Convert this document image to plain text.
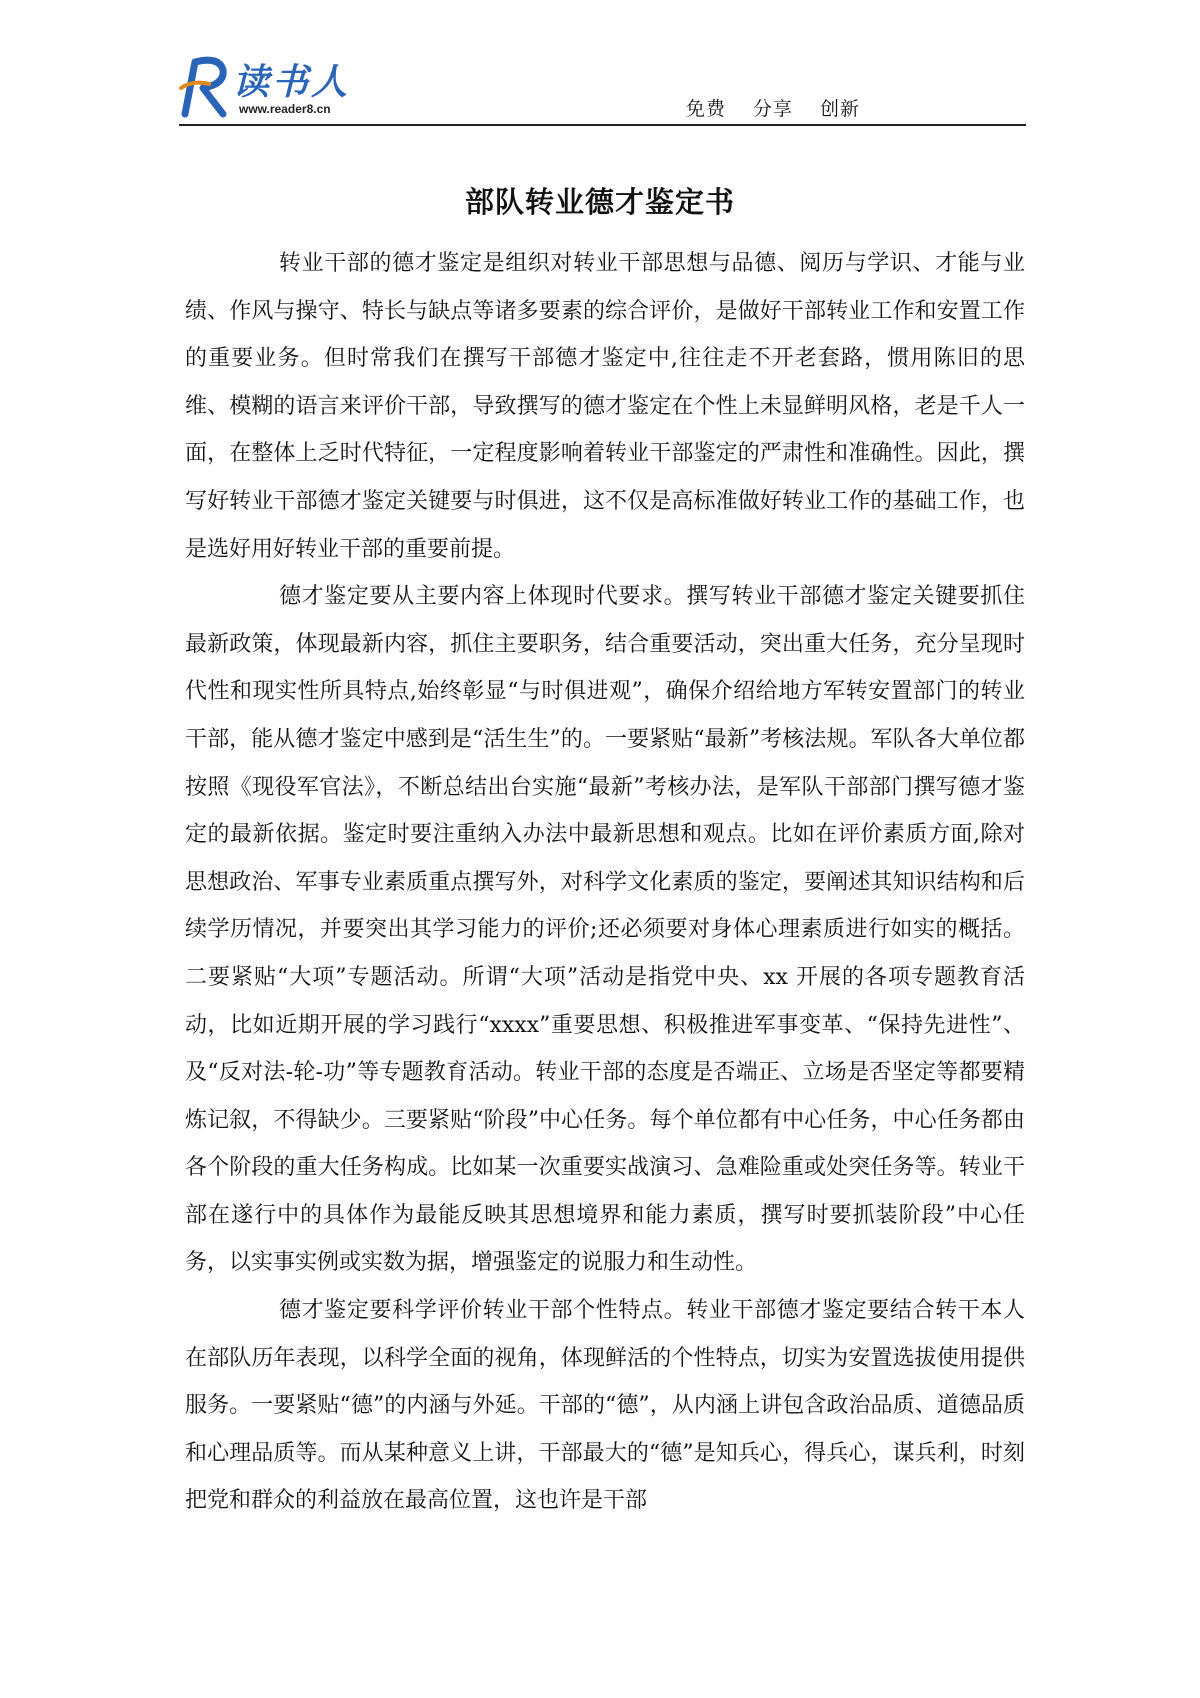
读书人
www.reader8.cn	免费 分享 创新
部队转业德才鉴定书

转业干部的德才鉴定是组织对转业干部思想与品德、阅历与学识、才能与业绩、作风与操守、特长与缺点等诸多要素的综合评价，是做好干部转业工作和安置工作的重要业务。但时常我们在撰写干部德才鉴定中,往往走不开老套路，惯用陈旧的思维、模糊的语言来评价干部，导致撰写的德才鉴定在个性上未显鲜明风格，老是千人一面，在整体上乏时代特征，一定程度影响着转业干部鉴定的严肃性和准确性。因此，撰写好转业干部德才鉴定关键要与时俱进，这不仅是高标准做好转业工作的基础工作，也是选好用好转业干部的重要前提。

德才鉴定要从主要内容上体现时代要求。撰写转业干部德才鉴定关键要抓住最新政策，体现最新内容，抓住主要职务，结合重要活动，突出重大任务，充分呈现时代性和现实性所具特点,始终彰显“与时俱进观”，确保介绍给地方军转安置部门的转业干部，能从德才鉴定中感到是“活生生”的。一要紧贴“最新”考核法规。军队各大单位都按照《现役军官法》，不断总结出台实施“最新”考核办法，是军队干部部门撰写德才鉴定的最新依据。鉴定时要注重纳入办法中最新思想和观点。比如在评价素质方面,除对思想政治、军事专业素质重点撰写外，对科学文化素质的鉴定，要阐述其知识结构和后续学历情况，并要突出其学习能力的评价;还必须要对身体心理素质进行如实的概括。二要紧贴“大项”专题活动。所谓“大项”活动是指党中央、xx 开展的各项专题教育活动，比如近期开展的学习践行“xxxx”重要思想、积极推进军事变革、“保持先进性”、及“反对法-轮-功”等专题教育活动。转业干部的态度是否端正、立场是否坚定等都要精炼记叙，不得缺少。三要紧贴“阶段”中心任务。每个单位都有中心任务，中心任务都由各个阶段的重大任务构成。比如某一次重要实战演习、急难险重或处突任务等。转业干部在遂行中的具体作为最能反映其思想境界和能力素质，撰写时要抓装阶段”中心任务，以实事实例或实数为据，增强鉴定的说服力和生动性。

德才鉴定要科学评价转业干部个性特点。转业干部德才鉴定要结合转干本人在部队历年表现，以科学全面的视角，体现鲜活的个性特点，切实为安置选拔使用提供服务。一要紧贴“德”的内涵与外延。干部的“德”，从内涵上讲包含政治品质、道德品质和心理品质等。而从某种意义上讲，干部最大的“德”是知兵心，得兵心，谋兵利，时刻把党和群众的利益放在最高位置，这也许是干部
